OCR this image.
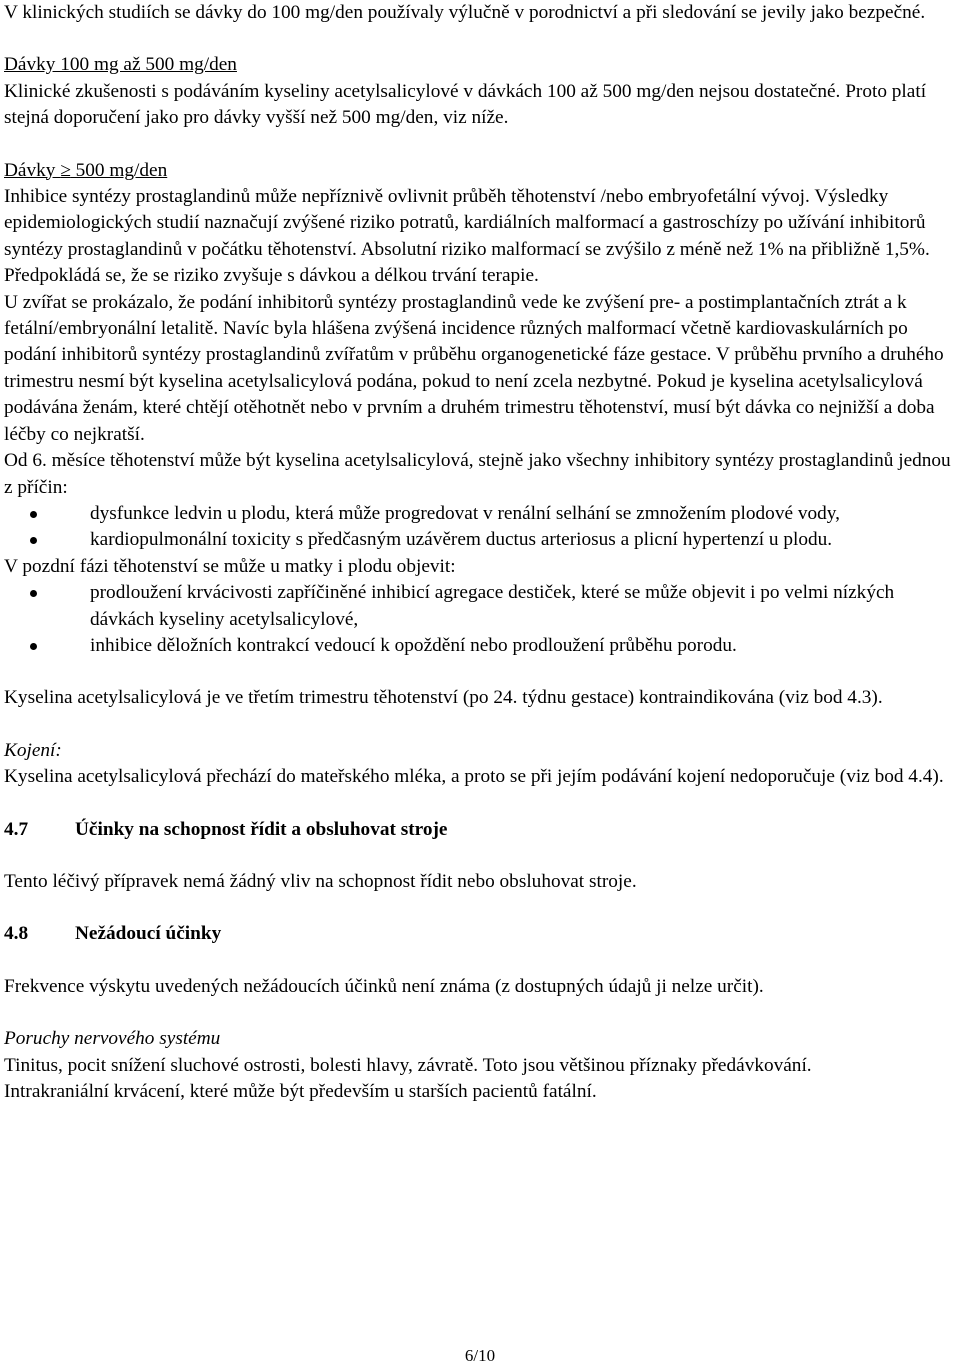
V klinických studiích se dávky do 100 mg/den používaly výlučně v porodnictví a při sledování se jevily jako bezpečné.

Dávky 100 mg až 500 mg/den

Klinické zkušenosti s podáváním kyseliny acetylsalicylové v dávkách 100 až 500 mg/den nejsou dostatečné. Proto platí stejná doporučení jako pro dávky vyšší než 500 mg/den, viz níže.

Dávky ≥ 500 mg/den

Inhibice syntézy prostaglandinů může nepříznivě ovlivnit průběh těhotenství /nebo embryofetální vývoj. Výsledky epidemiologických studií naznačují zvýšené riziko potratů, kardiálních malformací a gastroschízy po užívání inhibitorů syntézy prostaglandinů v počátku těhotenství. Absolutní riziko malformací se zvýšilo z méně než 1% na přibližně 1,5%. Předpokládá se, že se riziko zvyšuje s dávkou a délkou trvání terapie.

U zvířat se prokázalo, že podání inhibitorů syntézy prostaglandinů vede ke zvýšení pre- a postimplantačních ztrát a k fetální/embryonální letalitě. Navíc byla hlášena zvýšená incidence různých malformací včetně kardiovaskulárních po podání inhibitorů syntézy prostaglandinů zvířatům v průběhu organogenetické fáze gestace. V průběhu prvního a druhého trimestru nesmí být kyselina acetylsalicylová podána, pokud to není zcela nezbytné. Pokud je kyselina acetylsalicylová podávána ženám, které chtějí otěhotnět nebo v prvním a druhém trimestru těhotenství, musí být dávka co nejnižší a doba léčby co nejkratší.

Od 6. měsíce těhotenství může být kyselina acetylsalicylová, stejně jako všechny inhibitory syntézy prostaglandinů jednou z příčin:

dysfunkce ledvin u plodu, která může progredovat v renální selhání se zmnožením plodové vody,
kardiopulmonální toxicity s předčasným uzávěrem ductus arteriosus a plicní hypertenzí u plodu.

V pozdní fázi těhotenství se může u matky i plodu objevit:

prodloužení krvácivosti zapříčiněné inhibicí agregace destiček, které se může objevit i po velmi nízkých dávkách kyseliny acetylsalicylové,
inhibice děložních kontrakcí vedoucí k opoždění nebo prodloužení průběhu porodu.

Kyselina acetylsalicylová je ve třetím trimestru těhotenství (po 24. týdnu gestace) kontraindikována (viz bod 4.3).

Kojení:

Kyselina acetylsalicylová přechází do mateřského mléka, a proto se při jejím podávání kojení nedoporučuje (viz bod 4.4).

4.7	Účinky na schopnost řídit a obsluhovat stroje

Tento léčivý přípravek nemá žádný vliv na schopnost řídit nebo obsluhovat stroje.

4.8	Nežádoucí účinky

Frekvence výskytu uvedených nežádoucích účinků není známa (z dostupných údajů ji nelze určit).

Poruchy nervového systému

Tinitus, pocit snížení sluchové ostrosti, bolesti hlavy, závratě. Toto jsou většinou příznaky předávkování.

Intrakraniální krvácení, které může být především u starších pacientů fatální.

6/10
